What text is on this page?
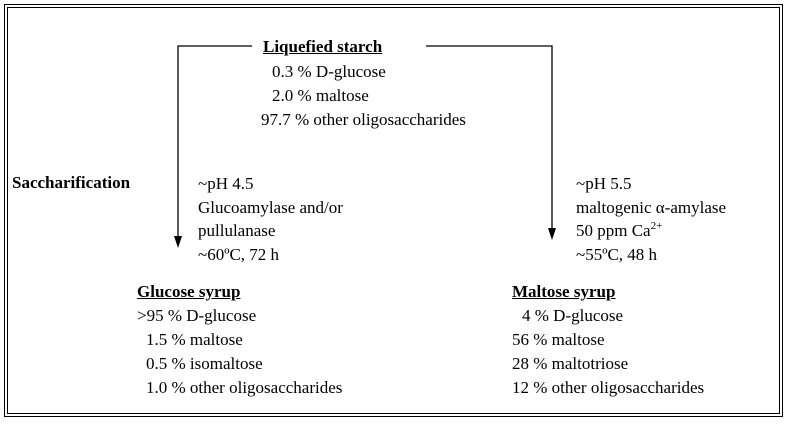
Liquefied starch
0.3 % D-glucose
2.0 % maltose
97.7 % other oligosaccharides
Saccharification	~pH 4.5
Glucoamylase and/or
pullulanase
~60ºC, 72 h
~pH 5.5
maltogenic α-amylase
50 ppm $Ca^{2+}$
~55ºC, 48 h
Glucose syrup
>95 % D-glucose
1.5 % maltose
0.5 % isomaltose
1.0 % other oligosaccharides
Maltose syrup
4 % D-glucose
56 % maltose
28 % maltotriose
12 % other oligosaccharides
